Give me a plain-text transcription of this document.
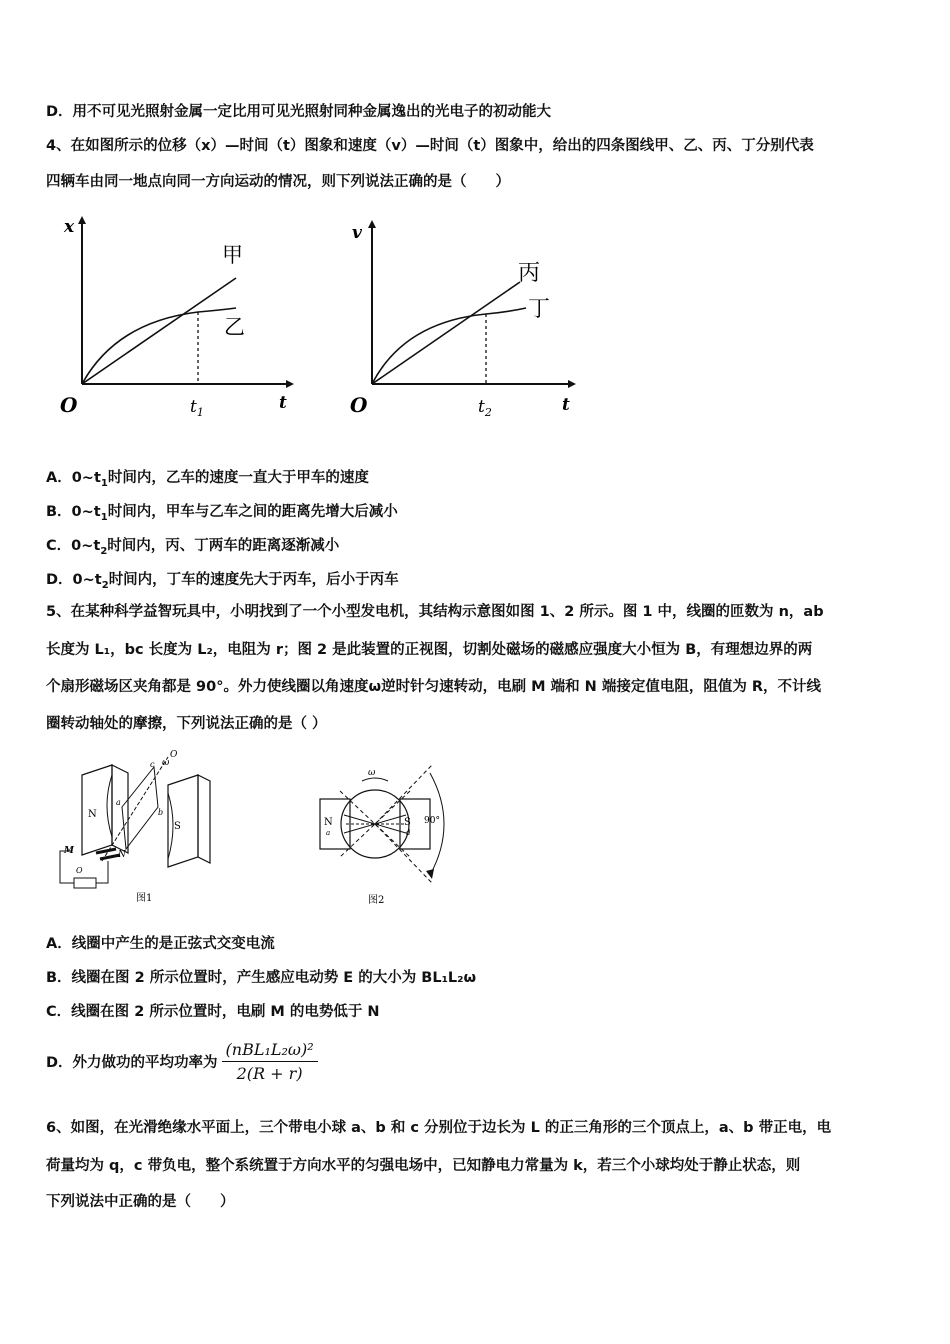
D．用不可见光照射金属一定比用可见光照射同种金属逸出的光电子的初动能大
4、在如图所示的位移（x）—时间（t）图象和速度（v）—时间（t）图象中，给出的四条图线甲、乙、丙、丁分别代表
四辆车由同一地点向同一方向运动的情况，则下列说法正确的是（　　）
x
t
O	$t_1$
甲
乙
v
t
O	$t_2$
丙
丁
A．$0\sim t_1$时间内，乙车的速度一直大于甲车的速度
B．$0\sim t_1$时间内，甲车与乙车之间的距离先增大后减小
C．$0\sim t_2$时间内，丙、丁两车的距离逐渐减小
D．$0\sim t_2$时间内，丁车的速度先大于丙车，后小于丙车
5、在某种科学益智玩具中，小明找到了一个小型发电机，其结构示意图如图 1、2 所示。图 1 中，线圈的匝数为 n，ab
长度为 L₁，bc 长度为 L₂，电阻为 r；图 2 是此装置的正视图，切割处磁场的磁感应强度大小恒为 B，有理想边界的两
个扇形磁场区夹角都是 90°。外力使线圈以角速度ω逆时针匀速转动，电刷 M 端和 N 端接定值电阻，阻值为 R，不计线
圈转动轴处的摩擦，下列说法正确的是（ ）
N
S
O
ω
c
a
b
M	N
O
图1
ω
N
a
S
d
90°
图2
A．线圈中产生的是正弦式交变电流
B．线圈在图 2 所示位置时，产生感应电动势 E 的大小为 BL₁L₂ω
C．线圈在图 2 所示位置时，电刷 M 的电势低于 N
D．外力做功的平均功率为 $\frac{\text{(nBL₁L₂ω)²}}{2(R + r)}$
6、如图，在光滑绝缘水平面上，三个带电小球 a、b 和 c 分别位于边长为 L 的正三角形的三个顶点上，a、b 带正电，电
荷量均为 q，c 带负电，整个系统置于方向水平的匀强电场中，已知静电力常量为 k，若三个小球均处于静止状态，则
下列说法中正确的是（　　）
